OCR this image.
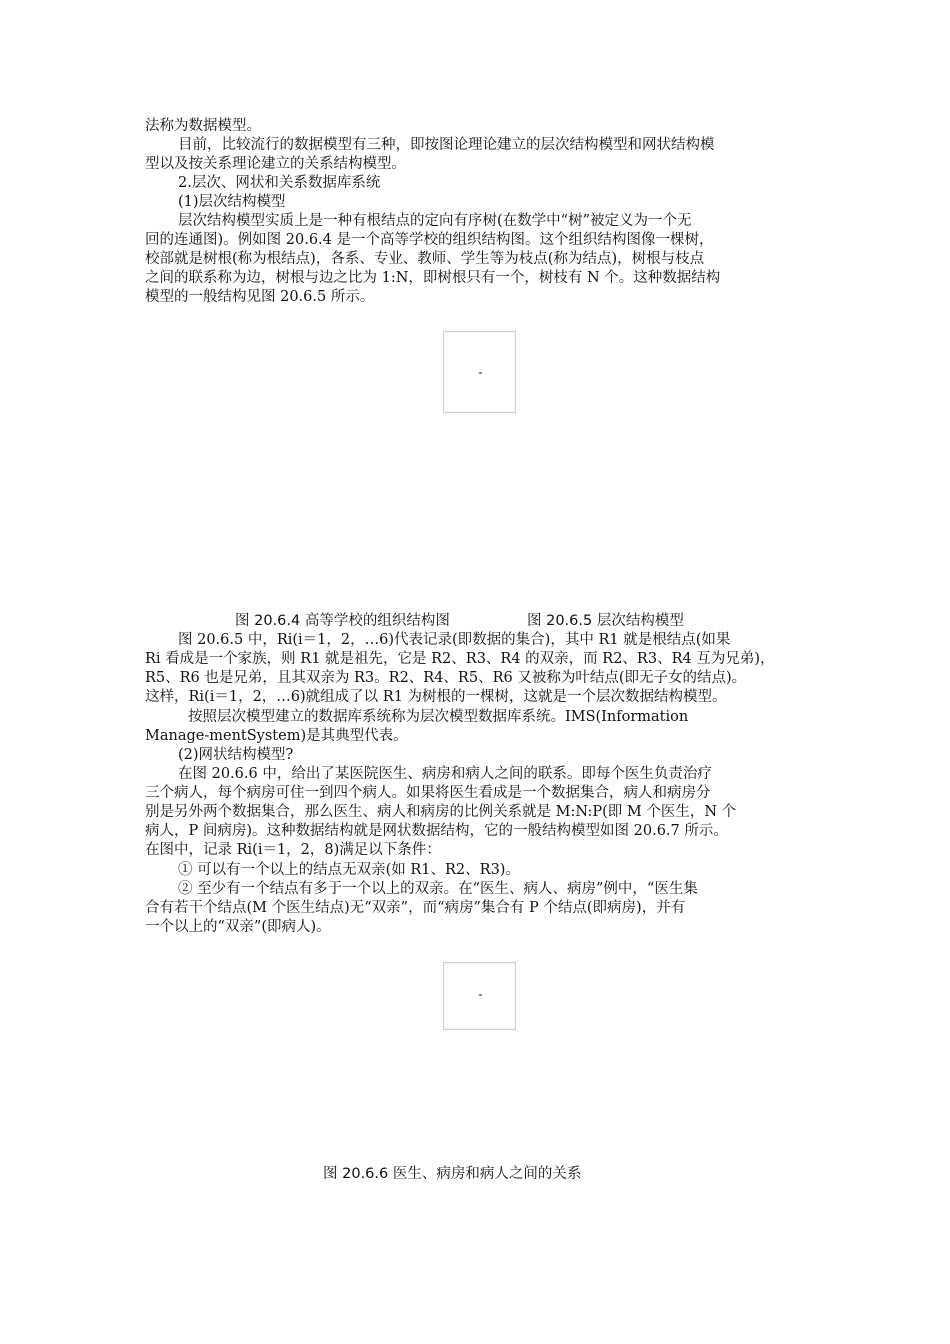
法称为数据模型。
目前，比较流行的数据模型有三种，即按图论理论建立的层次结构模型和网状结构模
型以及按关系理论建立的关系结构模型。
2.层次、网状和关系数据库系统
(1)层次结构模型
层次结构模型实质上是一种有根结点的定向有序树(在数学中“树”被定义为一个无
回的连通图)。例如图 20.6.4 是一个高等学校的组织结构图。这个组织结构图像一棵树，
校部就是树根(称为根结点)，各系、专业、教师、学生等为枝点(称为结点)，树根与枝点
之间的联系称为边，树根与边之比为 1:N，即树根只有一个，树枝有 N 个。这种数据结构
模型的一般结构见图 20.6.5 所示。
图 20.6.4 高等学校的组织结构图	图 20.6.5 层次结构模型
图 20.6.5 中，Ri(i＝1，2，…6)代表记录(即数据的集合)，其中 R1 就是根结点(如果
Ri 看成是一个家族，则 R1 就是祖先，它是 R2、R3、R4 的双亲，而 R2、R3、R4 互为兄弟)，
R5、R6 也是兄弟，且其双亲为 R3。R2、R4、R5、R6 又被称为叶结点(即无子女的结点)。
这样，Ri(i＝1，2，…6)就组成了以 R1 为树根的一棵树，这就是一个层次数据结构模型。
按照层次模型建立的数据库系统称为层次模型数据库系统。IMS(Information
Manage-mentSystem)是其典型代表。
(2)网状结构模型?
在图 20.6.6 中，给出了某医院医生、病房和病人之间的联系。即每个医生负责治疗
三个病人，每个病房可住一到四个病人。如果将医生看成是一个数据集合，病人和病房分
别是另外两个数据集合，那么医生、病人和病房的比例关系就是 M:N:P(即 M 个医生，N 个
病人，P 间病房)。这种数据结构就是网状数据结构，它的一般结构模型如图 20.6.7 所示。
在图中，记录 Ri(i＝1，2，8)满足以下条件：
① 可以有一个以上的结点无双亲(如 R1、R2、R3)。
② 至少有一个结点有多于一个以上的双亲。在“医生、病人、病房”例中，“医生集
合有若干个结点(M 个医生结点)无“双亲”，而“病房”集合有 P 个结点(即病房)，并有
一个以上的“双亲”(即病人)。
图 20.6.6 医生、病房和病人之间的关系
